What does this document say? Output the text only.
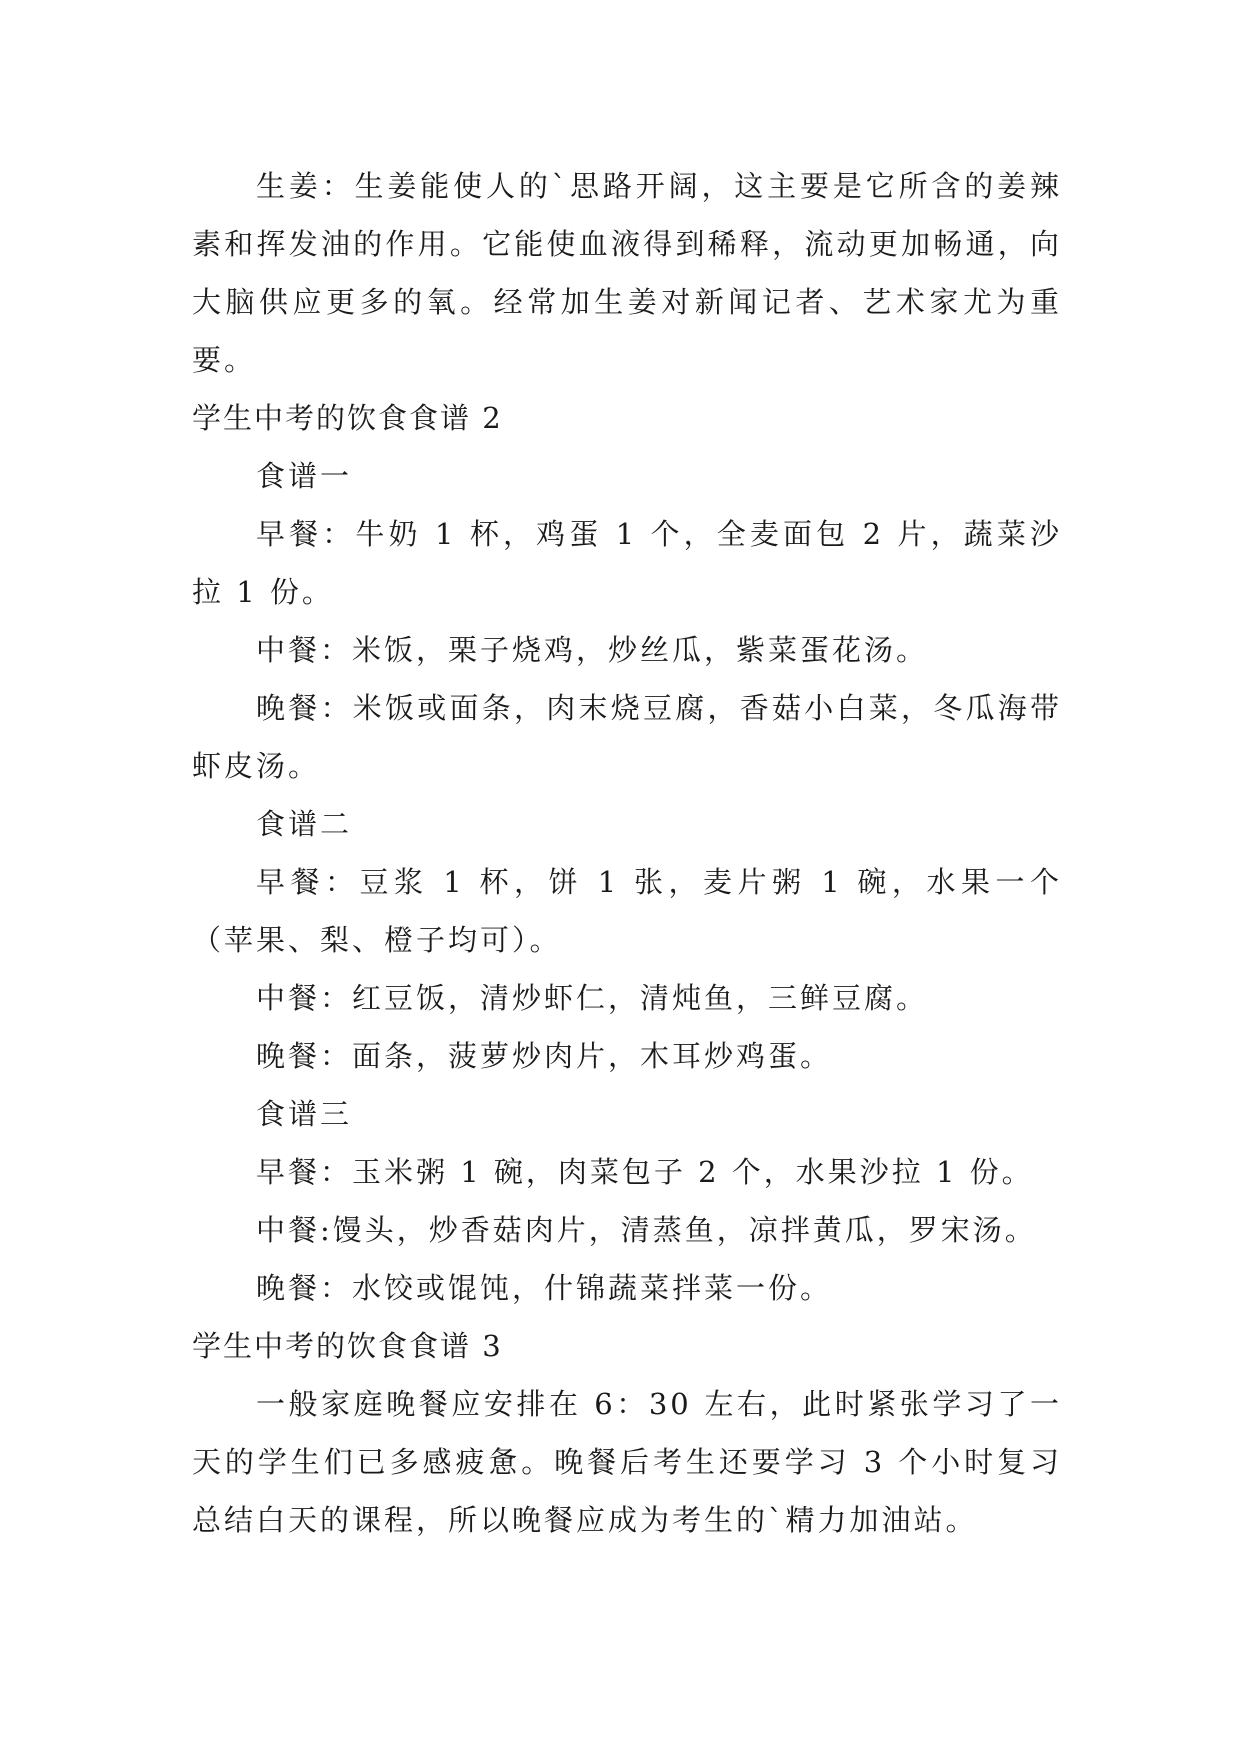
生姜：生姜能使人的`思路开阔，这主要是它所含的姜辣素和挥发油的作用。它能使血液得到稀释，流动更加畅通，向大脑供应更多的氧。经常加生姜对新闻记者、艺术家尤为重要。

学生中考的饮食食谱 2

食谱一

早餐：牛奶 1 杯，鸡蛋 1 个，全麦面包 2 片，蔬菜沙拉 1 份。

中餐：米饭，栗子烧鸡，炒丝瓜，紫菜蛋花汤。

晚餐：米饭或面条，肉末烧豆腐，香菇小白菜，冬瓜海带虾皮汤。

食谱二

早餐：豆浆 1 杯，饼 1 张，麦片粥 1 碗，水果一个（苹果、梨、橙子均可）。

中餐：红豆饭，清炒虾仁，清炖鱼，三鲜豆腐。

晚餐：面条，菠萝炒肉片，木耳炒鸡蛋。

食谱三

早餐：玉米粥 1 碗，肉菜包子 2 个，水果沙拉 1 份。

中餐:馒头，炒香菇肉片，清蒸鱼，凉拌黄瓜，罗宋汤。

晚餐：水饺或馄饨，什锦蔬菜拌菜一份。

学生中考的饮食食谱 3

一般家庭晚餐应安排在 6：30 左右，此时紧张学习了一天的学生们已多感疲惫。晚餐后考生还要学习 3 个小时复习总结白天的课程，所以晚餐应成为考生的`精力加油站。
